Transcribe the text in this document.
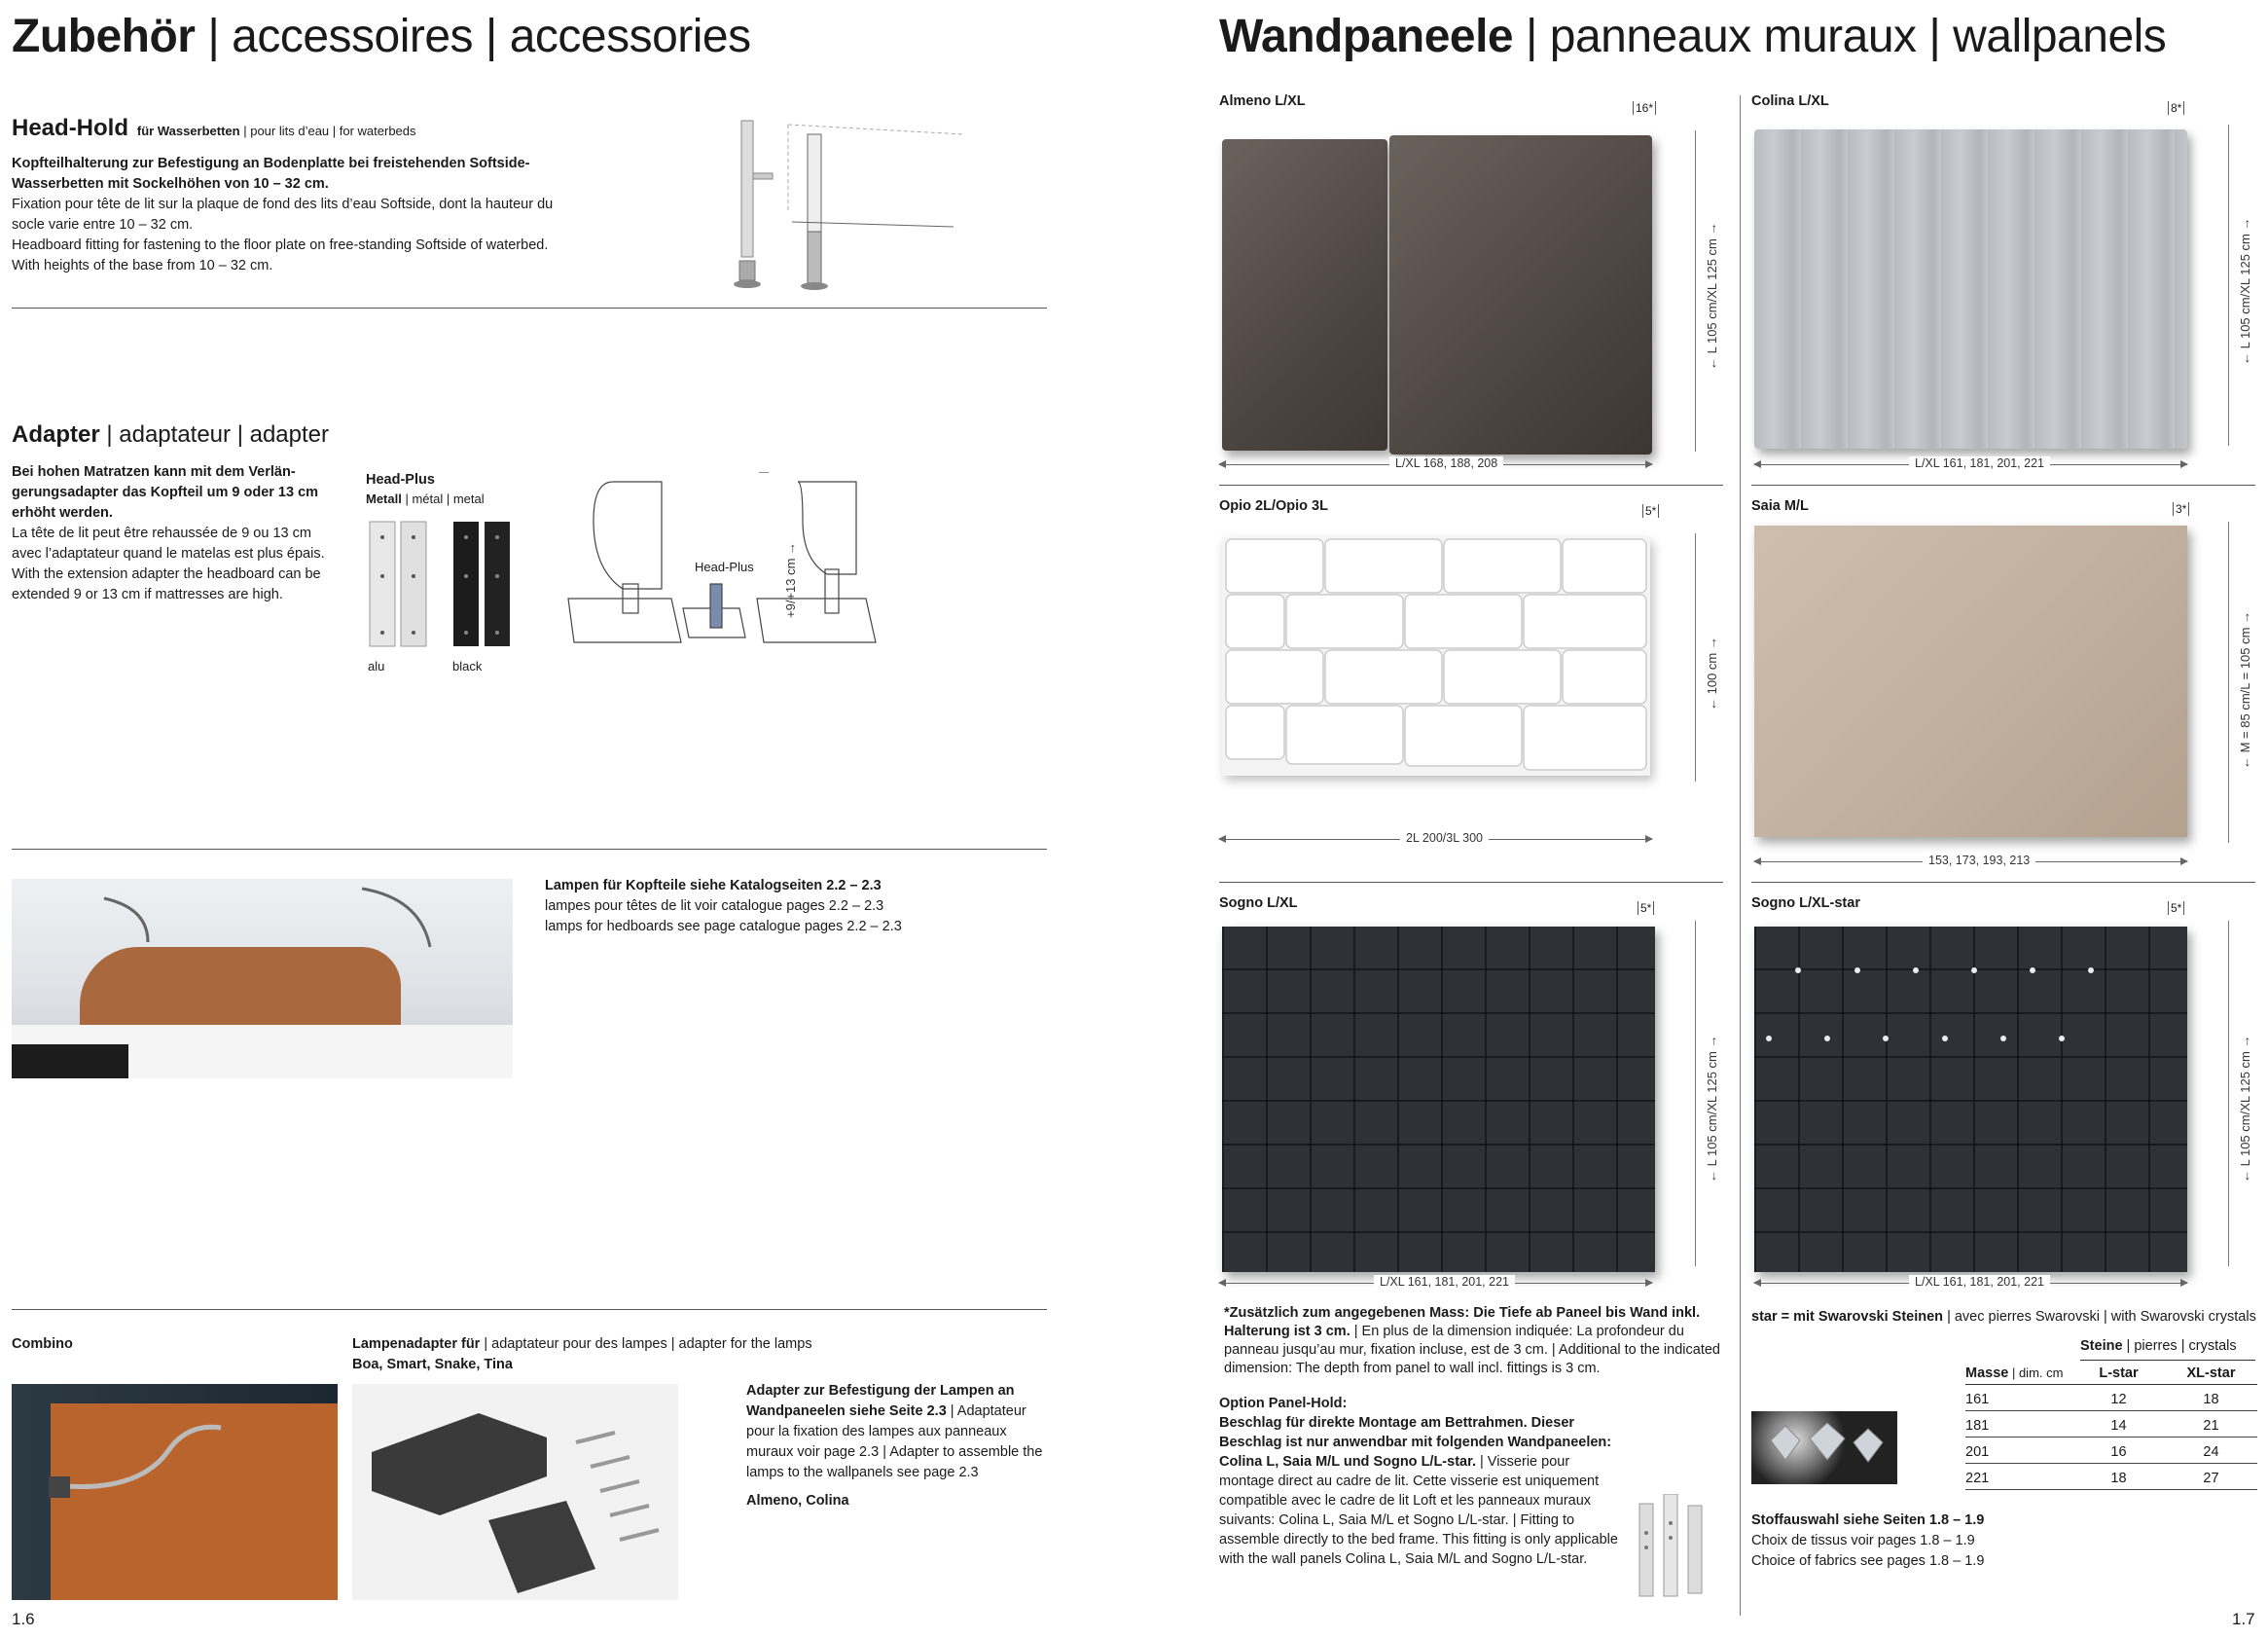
Zubehör | accessoires | accessories
Head-Hold für Wasserbetten | pour lits d’eau | for waterbeds
Kopfteilhalterung zur Befestigung an Bodenplatte bei freistehenden Softside-Wasserbetten mit Sockelhöhen von 10 – 32 cm.
Fixation pour tête de lit sur la plaque de fond des lits d’eau Softside, dont la hauteur du socle varie entre 10 – 32 cm.
Headboard fitting for fastening to the floor plate on free-standing Softside of waterbed. With heights of the base from 10 – 32 cm.
Adapter | adaptateur | adapter
Bei hohen Matratzen kann mit dem Verlän-gerungsadapter das Kopfteil um 9 oder 13 cm erhöht werden.
La tête de lit peut être rehaussée de 9 ou 13 cm avec l’adaptateur quand le matelas est plus épais.
With the extension adapter the headboard can be extended 9 or 13 cm if mattresses are high.
Head-Plus
Metall | métal | metal
alu	black
Head-Plus +9/+13 cm →
Lampen für Kopfteile siehe Katalogseiten 2.2 – 2.3
lampes pour têtes de lit voir catalogue pages 2.2 – 2.3
lamps for hedboards see page catalogue pages 2.2 – 2.3
Combino	Lampenadapter für | adaptateur pour des lampes | adapter for the lamps
Boa, Smart, Snake, Tina
Adapter zur Befestigung der Lampen an Wandpaneelen siehe Seite 2.3 | Adaptateur pour la fixation des lampes aux panneaux muraux voir page 2.3 | Adapter to assemble the lamps to the wallpanels see page 2.3
Almeno, Colina
1.6
Wandpaneele | panneaux muraux | wallpanels
Almeno L/XL	16*
← L 105 cm/XL 125 cm →
L/XL 168, 188, 208
Colina L/XL	8*
← L 105 cm/XL 125 cm →
L/XL 161, 181, 201, 221
Opio 2L/Opio 3L	5*
← 100 cm →
2L 200/3L 300
Saia M/L	3*
← M = 85 cm/L = 105 cm →
153, 173, 193, 213
Sogno L/XL	5*
← L 105 cm/XL 125 cm →
L/XL 161, 181, 201, 221
Sogno L/XL-star	5*
← L 105 cm/XL 125 cm →
L/XL 161, 181, 201, 221
*Zusätzlich zum angegebenen Mass: Die Tiefe ab Paneel bis Wand inkl. Halterung ist 3 cm. | En plus de la dimension indiquée: La profondeur du panneau jusqu’au mur, fixation incluse, est de 3 cm. | Additional to the indicated dimension: The depth from panel to wall incl. fittings is 3 cm.
Option Panel-Hold:
Beschlag für direkte Montage am Bettrahmen. Dieser Beschlag ist nur anwendbar mit folgenden Wandpaneelen: Colina L, Saia M/L und Sogno L/L-star. | Visserie pour montage direct au cadre de lit. Cette visserie est uniquement compatible avec le cadre de lit Loft et les panneaux muraux suivants: Colina L, Saia M/L et Sogno L/L-star. | Fitting to assemble directly to the bed frame. This fitting is only applicable with the wall panels Colina L, Saia M/L and Sogno L/L-star.
star = mit Swarovski Steinen | avec pierres Swarovski | with Swarovski crystals
Steine | pierres | crystals
Masse | dim. cm	L-star	XL-star
161	12	18
181	14	21
201	16	24
221	18	27
Stoffauswahl siehe Seiten 1.8 – 1.9
Choix de tissus voir pages 1.8 – 1.9
Choice of fabrics see pages 1.8 – 1.9
1.7
